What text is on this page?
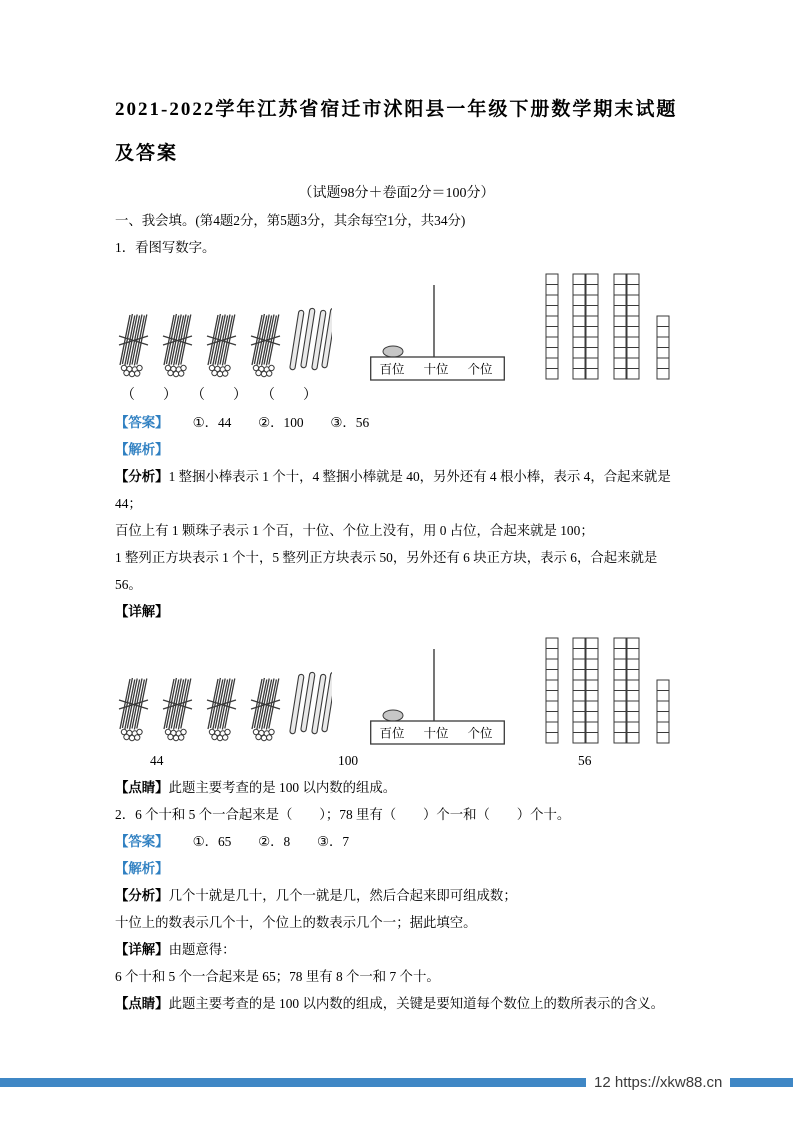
2021-2022学年江苏省宿迁市沭阳县一年级下册数学期末试题及答案

（试题98分＋卷面2分＝100分）

一、我会填。(第4题2分，第5题3分，其余每空1分，共34分)

1．看图写数字。

百位 十位 个位

（　　）　　（　　）　　（　　）

【答案】 ①．44　　②．100　　③．56

【解析】

【分析】1 整捆小棒表示 1 个十，4 整捆小棒就是 40，另外还有 4 根小棒，表示 4，合起来就是 44；

百位上有 1 颗珠子表示 1 个百，十位、个位上没有，用 0 占位，合起来就是 100；

1 整列正方块表示 1 个十，5 整列正方块表示 50，另外还有 6 块正方块，表示 6，合起来就是 56。

【详解】

百位 十位 个位
44	100	56

【点睛】此题主要考查的是 100 以内数的组成。

2．6 个十和 5 个一合起来是（　　）；78 里有（　　）个一和（　　）个十。

【答案】 ①．65　　②．8　　③．7

【解析】

【分析】几个十就是几十，几个一就是几，然后合起来即可组成数；

十位上的数表示几个十，个位上的数表示几个一；据此填空。

【详解】由题意得：

6 个十和 5 个一合起来是 65；78 里有 8 个一和 7 个十。

【点睛】此题主要考查的是 100 以内数的组成，关键是要知道每个数位上的数所表示的含义。

12 https://xkw88.cn
